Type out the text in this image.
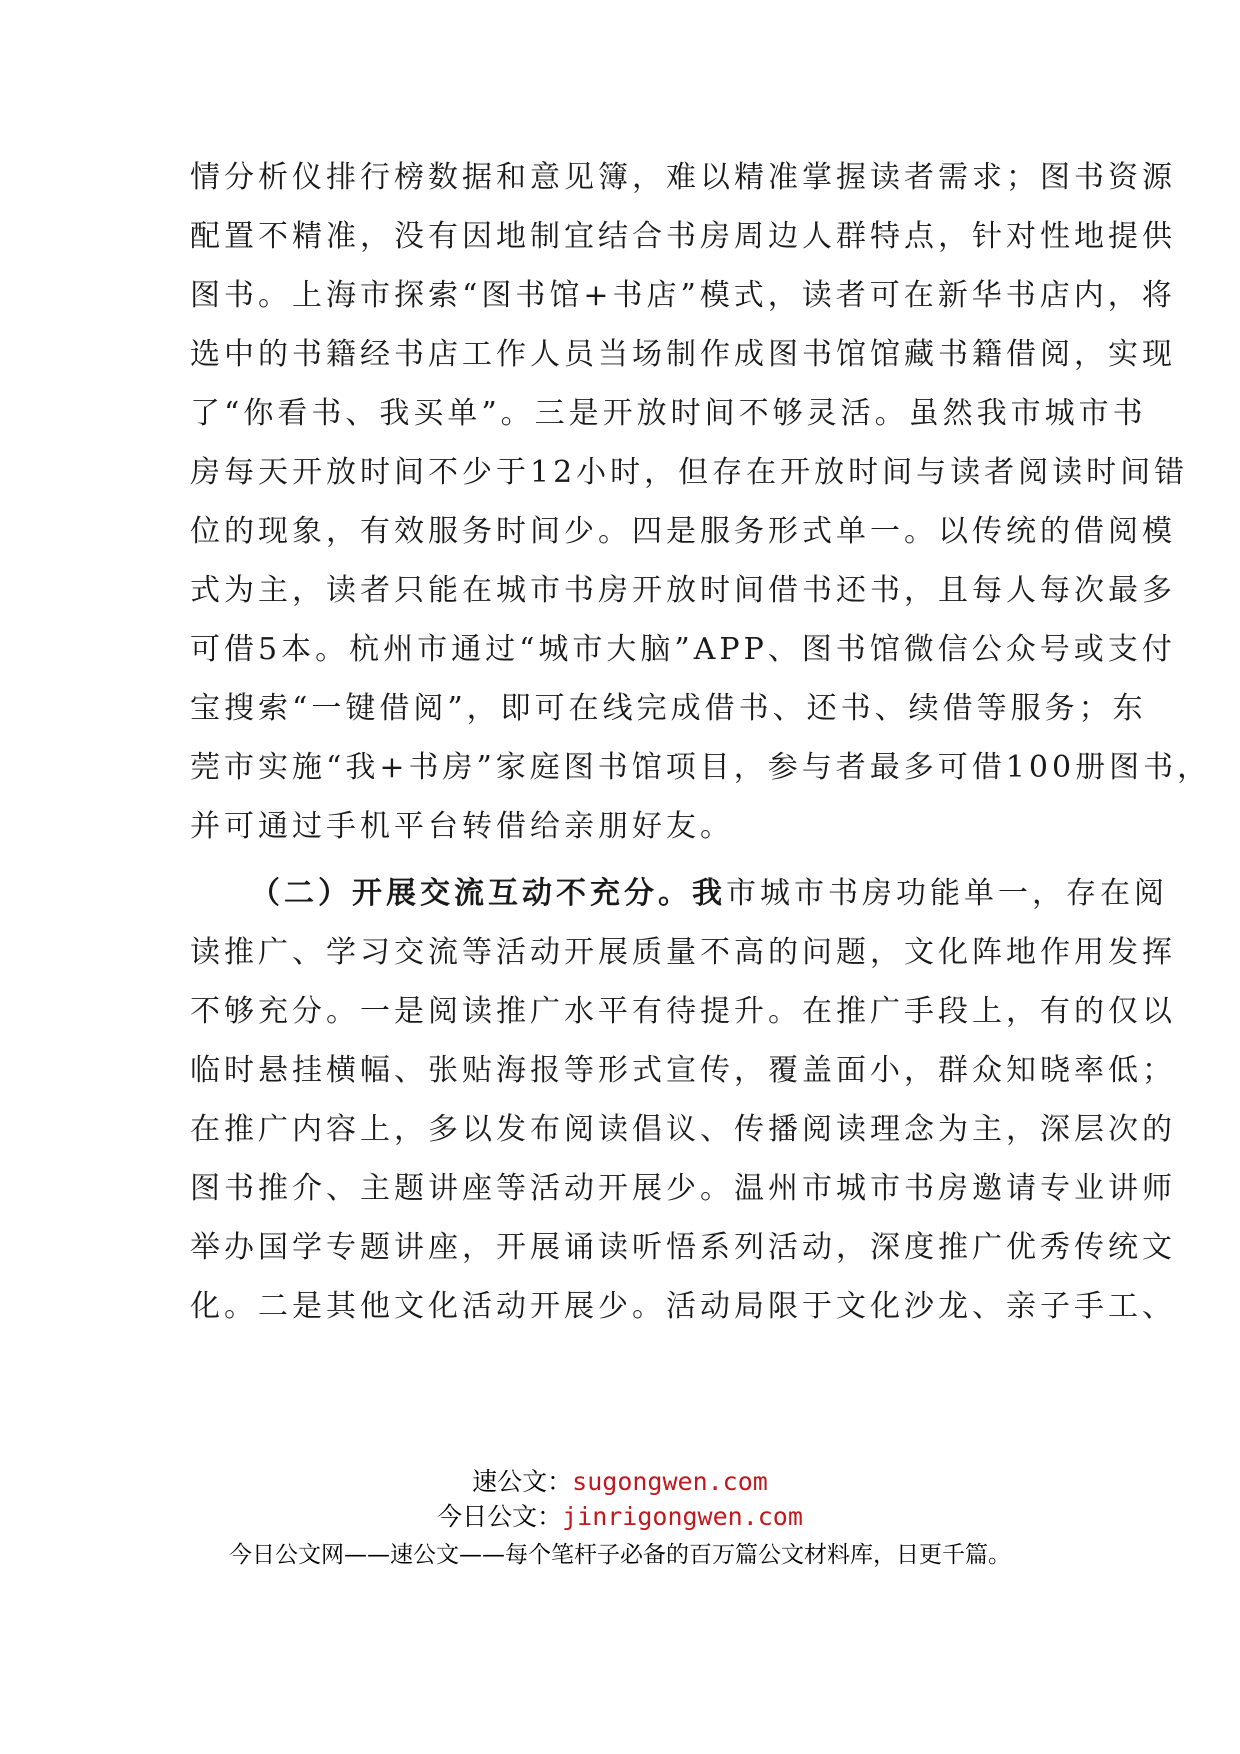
情分析仪排行榜数据和意见簿，难以精准掌握读者需求；图书资源
配置不精准，没有因地制宜结合书房周边人群特点，针对性地提供
图书。上海市探索“图书馆+书店”模式，读者可在新华书店内，将
选中的书籍经书店工作人员当场制作成图书馆馆藏书籍借阅，实现
了“你看书、我买单”。三是开放时间不够灵活。虽然我市城市书
房每天开放时间不少于12小时，但存在开放时间与读者阅读时间错
位的现象，有效服务时间少。四是服务形式单一。以传统的借阅模
式为主，读者只能在城市书房开放时间借书还书，且每人每次最多
可借5本。杭州市通过“城市大脑”APP、图书馆微信公众号或支付
宝搜索“一键借阅”，即可在线完成借书、还书、续借等服务；东
莞市实施“我+书房”家庭图书馆项目，参与者最多可借100册图书，
并可通过手机平台转借给亲朋好友。
（二）开展交流互动不充分。我市城市书房功能单一，存在阅
读推广、学习交流等活动开展质量不高的问题，文化阵地作用发挥
不够充分。一是阅读推广水平有待提升。在推广手段上，有的仅以
临时悬挂横幅、张贴海报等形式宣传，覆盖面小，群众知晓率低；
在推广内容上，多以发布阅读倡议、传播阅读理念为主，深层次的
图书推介、主题讲座等活动开展少。温州市城市书房邀请专业讲师
举办国学专题讲座，开展诵读听悟系列活动，深度推广优秀传统文
化。二是其他文化活动开展少。活动局限于文化沙龙、亲子手工、
速公文：sugongwen.com
今日公文：jinrigongwen.com
今日公文网——速公文——每个笔杆子必备的百万篇公文材料库，日更千篇。
